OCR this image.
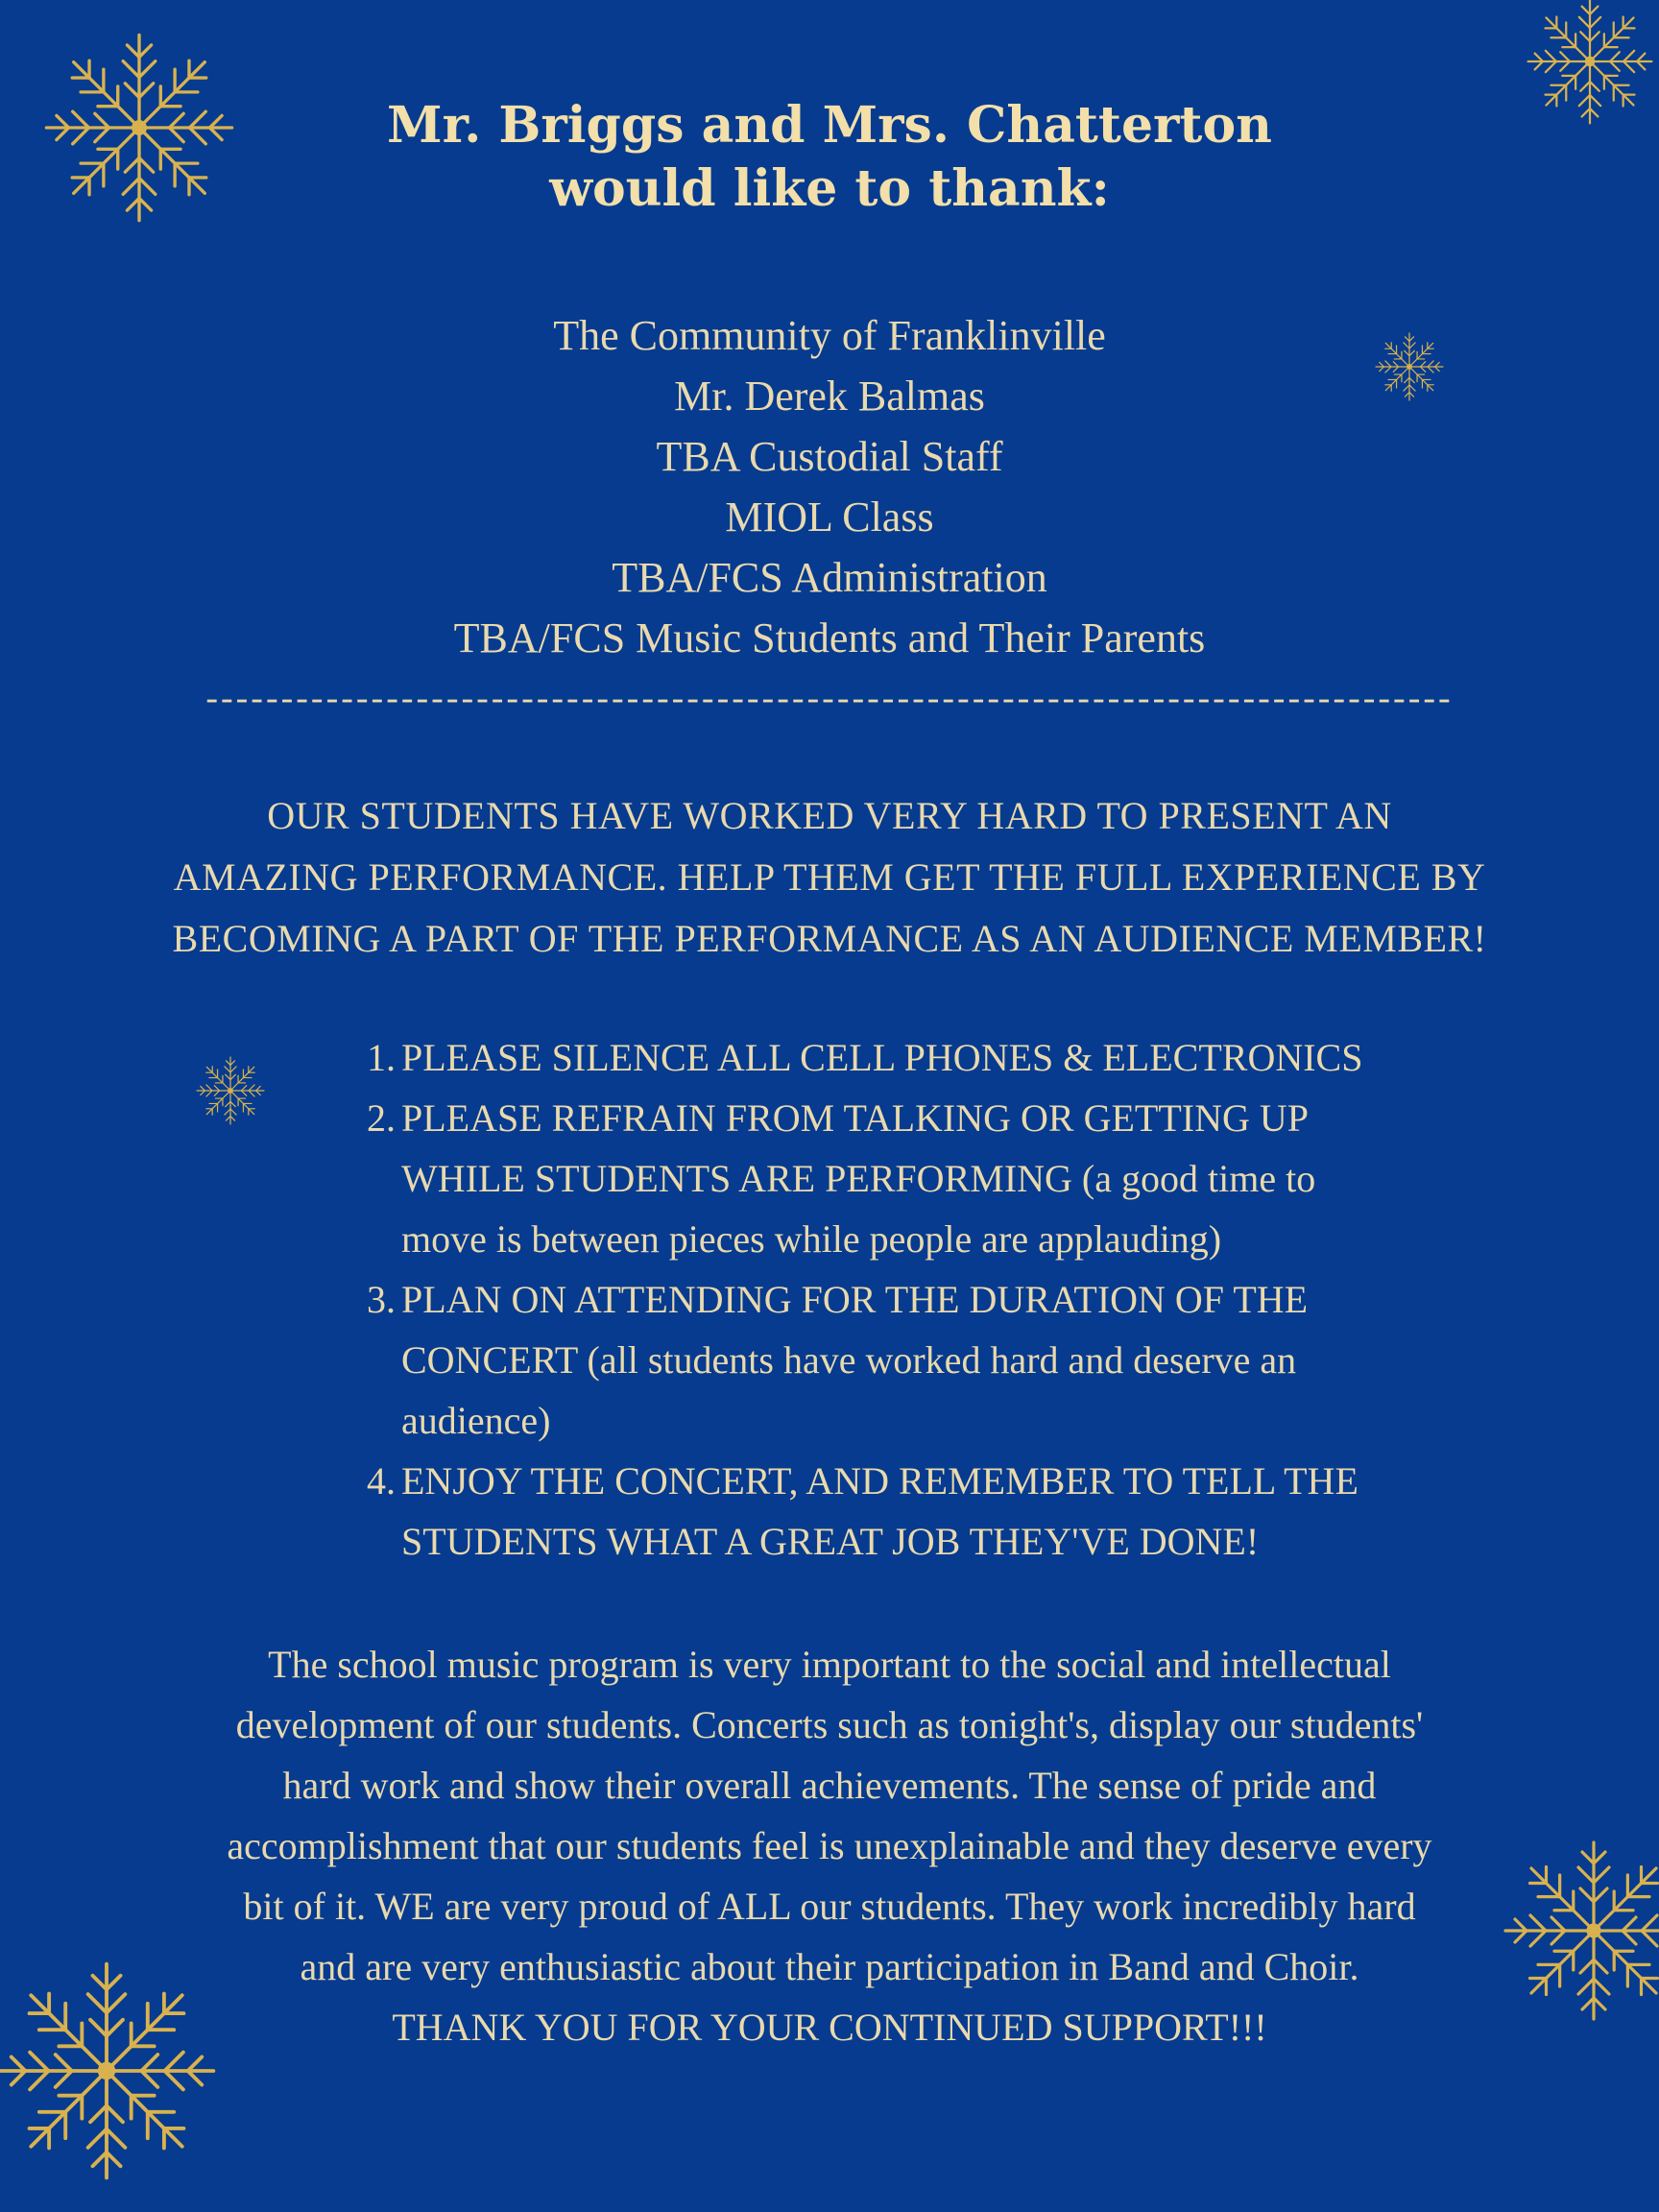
Mr. Briggs and Mrs. Chatterton
would like to thank:
The Community of Franklinville
Mr. Derek Balmas
TBA Custodial Staff
MIOL Class
TBA/FCS Administration
TBA/FCS Music Students and Their Parents
-----------------------------------------------------------------------------------
OUR STUDENTS HAVE WORKED VERY HARD TO PRESENT AN
AMAZING PERFORMANCE. HELP THEM GET THE FULL EXPERIENCE BY
BECOMING A PART OF THE PERFORMANCE AS AN AUDIENCE MEMBER!
1. PLEASE SILENCE ALL CELL PHONES & ELECTRONICS
2. PLEASE REFRAIN FROM TALKING OR GETTING UP
WHILE STUDENTS ARE PERFORMING (a good time to
move is between pieces while people are applauding)
3. PLAN ON ATTENDING FOR THE DURATION OF THE
CONCERT (all students have worked hard and deserve an
audience)
4. ENJOY THE CONCERT, AND REMEMBER TO TELL THE
STUDENTS WHAT A GREAT JOB THEY'VE DONE!
The school music program is very important to the social and intellectual
development of our students. Concerts such as tonight's, display our students'
hard work and show their overall achievements. The sense of pride and
accomplishment that our students feel is unexplainable and they deserve every
bit of it. WE are very proud of ALL our students. They work incredibly hard
and are very enthusiastic about their participation in Band and Choir.
THANK YOU FOR YOUR CONTINUED SUPPORT!!!
